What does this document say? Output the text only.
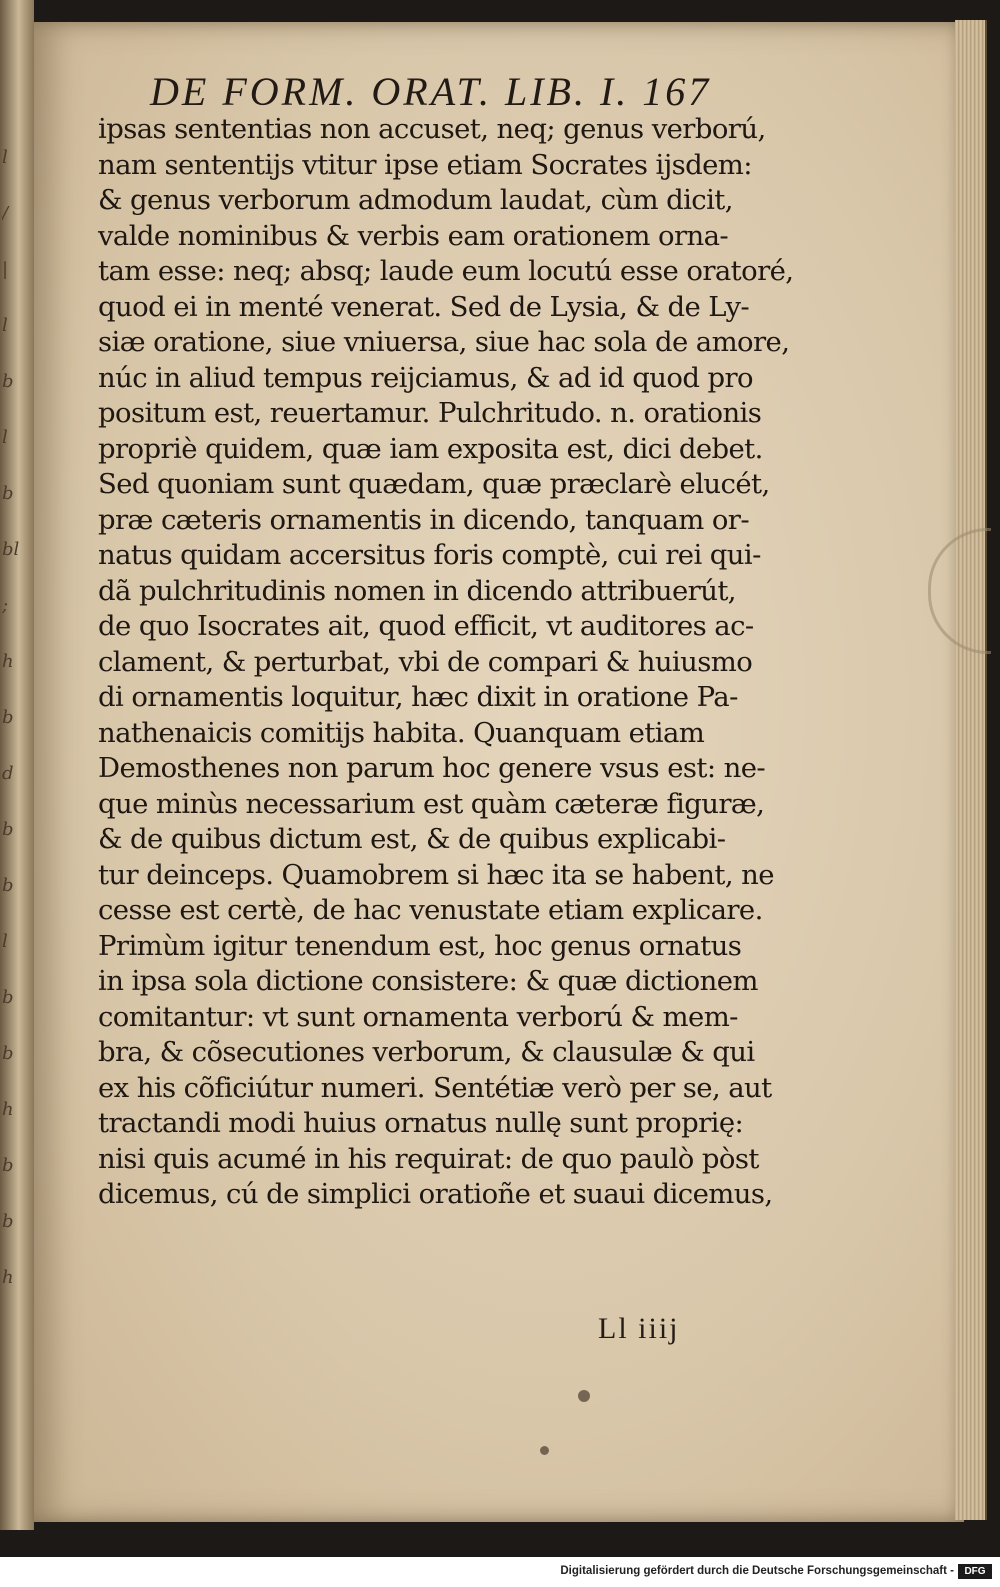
l
/
|
l
b
l
b
bl
;
h
b
d
b
b
l
b
b
h
b
b
h
DE FORM. ORAT. LIB. I. 167
ipsas sententias non accuset, neq; genus verború,
nam sententijs vtitur ipse etiam Socrates ijsdem:
& genus verborum admodum laudat, cùm dicit,
valde nominibus & verbis eam orationem orna-
tam esse: neq; absq; laude eum locutú esse oratoré,
quod ei in menté venerat. Sed de Lysia, & de Ly-
siæ oratione, siue vniuersa, siue hac sola de amore,
núc in aliud tempus reijciamus, & ad id quod pro
positum est, reuertamur. Pulchritudo. n. orationis
propriè quidem, quæ iam exposita est, dici debet.
Sed quoniam sunt quædam, quæ præclarè elucét,
præ cæteris ornamentis in dicendo, tanquam or-
natus quidam accersitus foris comptè, cui rei qui-
dã pulchritudinis nomen in dicendo attribuerút,
de quo Isocrates ait, quod efficit, vt auditores ac-
clament, & perturbat, vbi de compari & huiusmo
di ornamentis loquitur, hæc dixit in oratione Pa-
nathenaicis comitijs habita. Quanquam etiam
Demosthenes non parum hoc genere vsus est: ne-
que minùs necessarium est quàm cæteræ figuræ,
& de quibus dictum est, & de quibus explicabi-
tur deinceps. Quamobrem si hæc ita se habent, ne
cesse est certè, de hac venustate etiam explicare.
Primùm igitur tenendum est, hoc genus ornatus
in ipsa sola dictione consistere: & quæ dictionem
comitantur: vt sunt ornamenta verború & mem-
bra, & cõsecutiones verborum, & clausulæ & qui
ex his cõficiútur numeri. Sentétiæ verò per se, aut
tractandi modi huius ornatus nullę sunt proprię:
nisi quis acumé in his requirat: de quo paulò pòst
dicemus, cú de simplici oratioñe et suaui dicemus,
Ll iiij
Digitalisierung gefördert durch die Deutsche Forschungsgemeinschaft -	DFG
